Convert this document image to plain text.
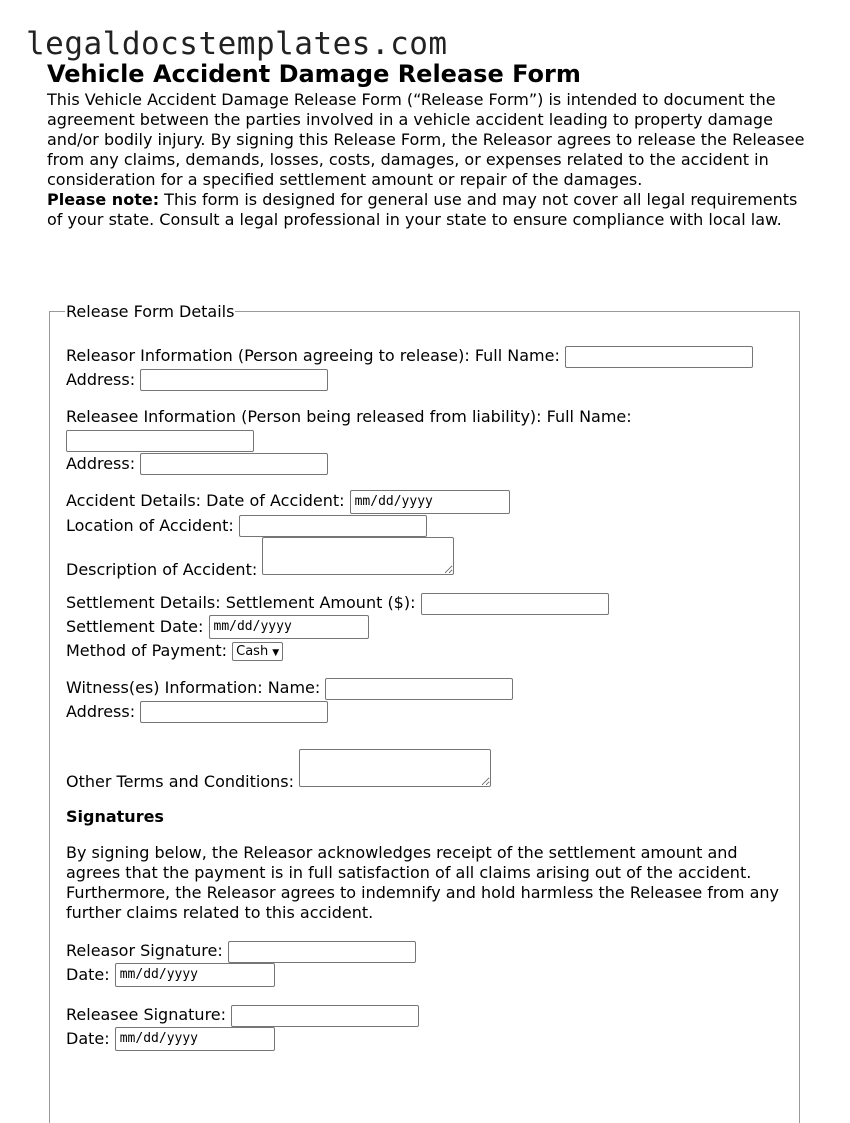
legaldocstemplates.com
Vehicle Accident Damage Release Form

This Vehicle Accident Damage Release Form (“Release Form”) is intended to document the agreement between the parties involved in a vehicle accident leading to property damage and/or bodily injury. By signing this Release Form, the Releasor agrees to release the Releasee from any claims, demands, losses, costs, damages, or expenses related to the accident in consideration for a specified settlement amount or repair of the damages.

Please note: This form is designed for general use and may not cover all legal requirements of your state. Consult a legal professional in your state to ensure compliance with local law.

Release Form Details
Releasor Information (Person agreeing to release): Full Name:
Address:
Releasee Information (Person being released from liability): Full Name:

Address:
Accident Details: Date of Accident: mm/dd/yyyy
Location of Accident:
Description of Accident:
Settlement Details: Settlement Amount ($):
Settlement Date: mm/dd/yyyy
Method of Payment: Cash ▼
Witness(es) Information: Name:
Address:
Other Terms and Conditions:
Signatures

By signing below, the Releasor acknowledges receipt of the settlement amount and agrees that the payment is in full satisfaction of all claims arising out of the accident. Furthermore, the Releasor agrees to indemnify and hold harmless the Releasee from any further claims related to this accident.

Releasor Signature:
Date: mm/dd/yyyy
Releasee Signature:
Date: mm/dd/yyyy
